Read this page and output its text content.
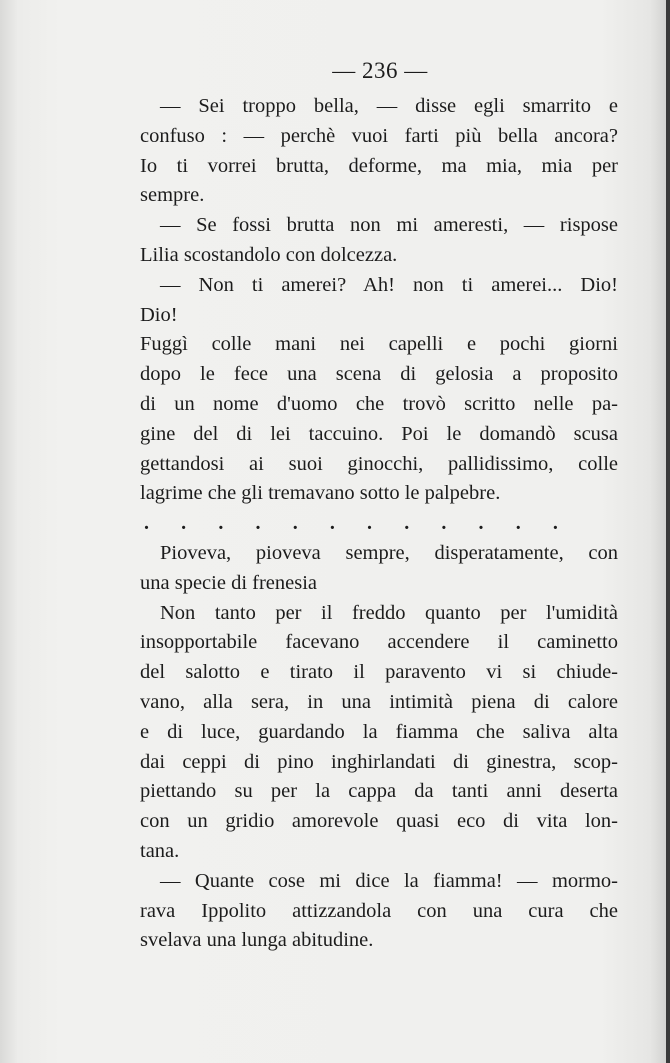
— 236 —
— Sei troppo bella, — disse egli smarrito e
confuso : — perchè vuoi farti più bella ancora?
Io ti vorrei brutta, deforme, ma mia, mia per
sempre.
— Se fossi brutta non mi ameresti, — rispose
Lilia scostandolo con dolcezza.
— Non ti amerei? Ah! non ti amerei... Dio!
Dio!
Fuggì colle mani nei capelli e pochi giorni
dopo le fece una scena di gelosia a proposito
di un nome d'uomo che trovò scritto nelle pa-
gine del di lei taccuino. Poi le domandò scusa
gettandosi ai suoi ginocchi, pallidissimo, colle
lagrime che gli tremavano sotto le palpebre.
. . . . . . . . . . . .
Pioveva, pioveva sempre, disperatamente, con
una specie di frenesia
Non tanto per il freddo quanto per l'umidità
insopportabile facevano accendere il caminetto
del salotto e tirato il paravento vi si chiude-
vano, alla sera, in una intimità piena di calore
e di luce, guardando la fiamma che saliva alta
dai ceppi di pino inghirlandati di ginestra, scop-
piettando su per la cappa da tanti anni deserta
con un gridio amorevole quasi eco di vita lon-
tana.
— Quante cose mi dice la fiamma! — mormo-
rava Ippolito attizzandola con una cura che
svelava una lunga abitudine.
